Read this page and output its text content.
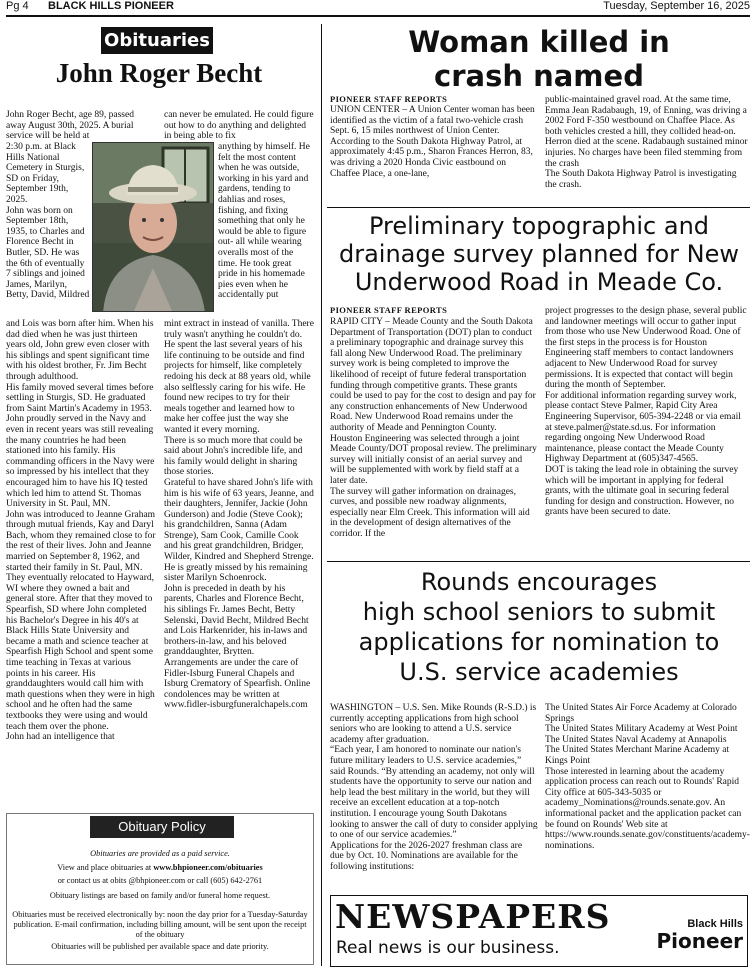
Pg 4 BLACK HILLS PIONEER	Tuesday, September 16, 2025
Obituaries
John Roger Becht
John Roger Becht, age 89, passed away August 30th, 2025. A burial service will be held at
2:30 p.m. at Black Hills National Cemetery in Sturgis, SD on Friday, September 19th, 2025.
John was born on September 18th, 1935, to Charles and Florence Becht in Butler, SD. He was the 6th of eventually 7 siblings and joined James, Marilyn, Betty, David, Mildred
and Lois was born after him. When his dad died when he was just thirteen years old, John grew even closer with his siblings and spent significant time with his oldest brother, Fr. Jim Becht through adulthood.
His family moved several times before settling in Sturgis, SD. He graduated from Saint Martin's Academy in 1953. John proudly served in the Navy and even in recent years was still revealing the many countries he had been stationed into his family. His commanding officers in the Navy were so impressed by his intellect that they encouraged him to have his IQ tested which led him to attend St. Thomas University in St. Paul, MN.
John was introduced to Jeanne Graham through mutual friends, Kay and Daryl Bach, whom they remained close to for the rest of their lives. John and Jeanne married on September 8, 1962, and started their family in St. Paul, MN. They eventually relocated to Hayward, WI where they owned a bait and general store. After that they moved to Spearfish, SD where John completed his Bachelor's Degree in his 40's at Black Hills State University and became a math and science teacher at Spearfish High School and spent some time teaching in Texas at various points in his career. His granddaughters would call him with math questions when they were in high school and he often had the same textbooks they were using and would teach them over the phone.
John had an intelligence that
can never be emulated. He could figure out how to do anything and delighted in being able to fix
anything by himself. He felt the most content when he was outside, working in his yard and gardens, tending to dahlias and roses, fishing, and fixing something that only he would be able to figure out- all while wearing overalls most of the time. He took great pride in his homemade pies even when he accidentally put
mint extract in instead of vanilla. There truly wasn't anything he couldn't do.
He spent the last several years of his life continuing to be outside and find projects for himself, like completely redoing his deck at 88 years old, while also selflessly caring for his wife. He found new recipes to try for their meals together and learned how to make her coffee just the way she wanted it every morning.
There is so much more that could be said about John's incredible life, and his family would delight in sharing those stories.
Grateful to have shared John's life with him is his wife of 63 years, Jeanne, and their daughters, Jennifer, Jackie (John Gunderson) and Jodie (Steve Cook); his grandchildren, Sanna (Adam Strenge), Sam Cook, Camille Cook and his great grandchildren, Bridger, Wilder, Kindred and Shepherd Strenge. He is greatly missed by his remaining sister Marilyn Schoenrock.
John is preceded in death by his parents, Charles and Florence Becht, his siblings Fr. James Becht, Betty Selenski, David Becht, Mildred Becht and Lois Harkenrider, his in-laws and brothers-in-law, and his beloved granddaughter, Brytten.
Arrangements are under the care of Fidler-Isburg Funeral Chapels and Isburg Crematory of Spearfish. Online condolences may be written at www.fidler-isburgfuneralchapels.com
Obituary Policy
Obituaries are provided as a paid service.
View and place obituaries at www.bhpioneer.com/obituaries
or contact us at obits @bhpioneer.com or call (605) 642-2761
Obituary listings are based on family and/or funeral home request.
Obituaries must be received electronically by: noon the day prior for a Tuesday-Saturday publication. E-mail confirmation, including billing amount, will be sent upon the receipt of the obituary
Obituaries will be published per available space and date priority.
Woman killed in
crash named
PIONEER STAFF REPORTS
UNION CENTER – A Union Center woman has been identified as the victim of a fatal two-vehicle crash Sept. 6, 15 miles northwest of Union Center.
According to the South Dakota Highway Patrol, at approximately 4:45 p.m., Sharon Frances Herron, 83, was driving a 2020 Honda Civic eastbound on Chaffee Place, a one-lane,
public-maintained gravel road. At the same time, Emma Jean Radabaugh, 19, of Enning, was driving a 2002 Ford F-350 westbound on Chaffee Place. As both vehicles crested a hill, they collided head-on.
Herron died at the scene. Radabaugh sustained minor injuries. No charges have been filed stemming from the crash
The South Dakota Highway Patrol is investigating the crash.
Preliminary topographic and
drainage survey planned for New
Underwood Road in Meade Co.
PIONEER STAFF REPORTS
RAPID CITY – Meade County and the South Dakota Department of Transportation (DOT) plan to conduct a preliminary topographic and drainage survey this fall along New Underwood Road. The preliminary survey work is being completed to improve the likelihood of receipt of future federal transportation funding through competitive grants. These grants could be used to pay for the cost to design and pay for any construction enhancements of New Underwood Road. New Underwood Road remains under the authority of Meade and Pennington County.
Houston Engineering was selected through a joint Meade County/DOT proposal review. The preliminary survey will initially consist of an aerial survey and will be supplemented with work by field staff at a later date.
The survey will gather information on drainages, curves, and possible new roadway alignments, especially near Elm Creek. This information will aid in the development of design alternatives of the corridor. If the
project progresses to the design phase, several public and landowner meetings will occur to gather input from those who use New Underwood Road. One of the first steps in the process is for Houston Engineering staff members to contact landowners adjacent to New Underwood Road for survey permissions. It is expected that contact will begin during the month of September.
For additional information regarding survey work, please contact Steve Palmer, Rapid City Area Engineering Supervisor, 605-394-2248 or via email at steve.palmer@state.sd.us. For information regarding ongoing New Underwood Road maintenance, please contact the Meade County Highway Department at (605)347-4565.
DOT is taking the lead role in obtaining the survey which will be important in applying for federal grants, with the ultimate goal in securing federal funding for design and construction. However, no grants have been secured to date.
Rounds encourages
high school seniors to submit
applications for nomination to
U.S. service academies
WASHINGTON – U.S. Sen. Mike Rounds (R-S.D.) is currently accepting applications from high school seniors who are looking to attend a U.S. service academy after graduation.
“Each year, I am honored to nominate our nation's future military leaders to U.S. service academies,” said Rounds. “By attending an academy, not only will students have the opportunity to serve our nation and help lead the best military in the world, but they will receive an excellent education at a top-notch institution. I encourage young South Dakotans looking to answer the call of duty to consider applying to one of our service academies.”
Applications for the 2026-2027 freshman class are due by Oct. 10. Nominations are available for the following institutions:
The United States Air Force Academy at Colorado Springs
The United States Military Academy at West Point
The United States Naval Academy at Annapolis
The United States Merchant Marine Academy at Kings Point
Those interested in learning about the academy application process can reach out to Rounds' Rapid City office at 605-343-5035 or academy_Nominations@rounds.senate.gov. An informational packet and the application packet can be found on Rounds' Web site at https://www.rounds.senate.gov/constituents/academy-nominations.
NEWSPAPERS
Real news is our business.
Black Hills
Pioneer
